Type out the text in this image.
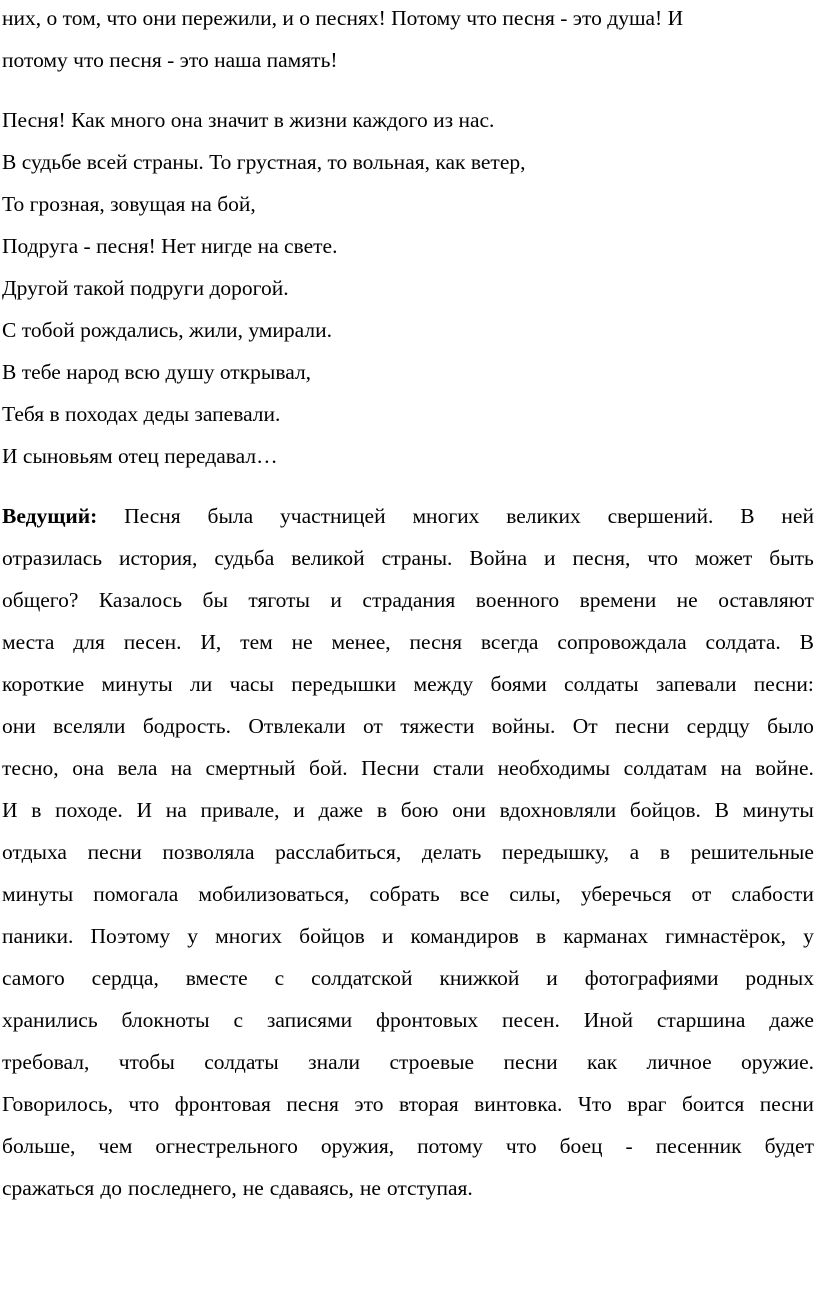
них, о том, что они пережили, и о песнях! Потому что песня - это душа! И
потому что песня - это наша память!
Песня! Как много она значит в жизни каждого из нас.
В судьбе всей страны. То грустная, то вольная, как ветер,
То грозная, зовущая на бой,
Подруга - песня! Нет нигде на свете.
Другой такой подруги дорогой.
С тобой рождались, жили, умирали.
В тебе народ всю душу открывал,
Тебя в походах деды запевали.
И сыновьям отец передавал…
Ведущий: Песня была участницей многих великих свершений. В ней
отразилась история, судьба великой страны. Война и песня, что может быть
общего? Казалось бы тяготы и страдания военного времени не оставляют
места для песен. И, тем не менее, песня всегда сопровождала солдата. В
короткие минуты ли часы передышки между боями солдаты запевали песни:
они вселяли бодрость. Отвлекали от тяжести войны. От песни сердцу было
тесно, она вела на смертный бой. Песни стали необходимы солдатам на войне.
И в походе. И на привале, и даже в бою они вдохновляли бойцов. В минуты
отдыха песни позволяла расслабиться, делать передышку, а в решительные
минуты помогала мобилизоваться, собрать все силы, уберечься от слабости
паники. Поэтому у многих бойцов и командиров в карманах гимнастёрок, у
самого сердца, вместе с солдатской книжкой и фотографиями родных
хранились блокноты с записями фронтовых песен. Иной старшина даже
требовал, чтобы солдаты знали строевые песни как личное оружие.
Говорилось, что фронтовая песня это вторая винтовка. Что враг боится песни
больше, чем огнестрельного оружия, потому что боец - песенник будет
сражаться до последнего, не сдаваясь, не отступая.
